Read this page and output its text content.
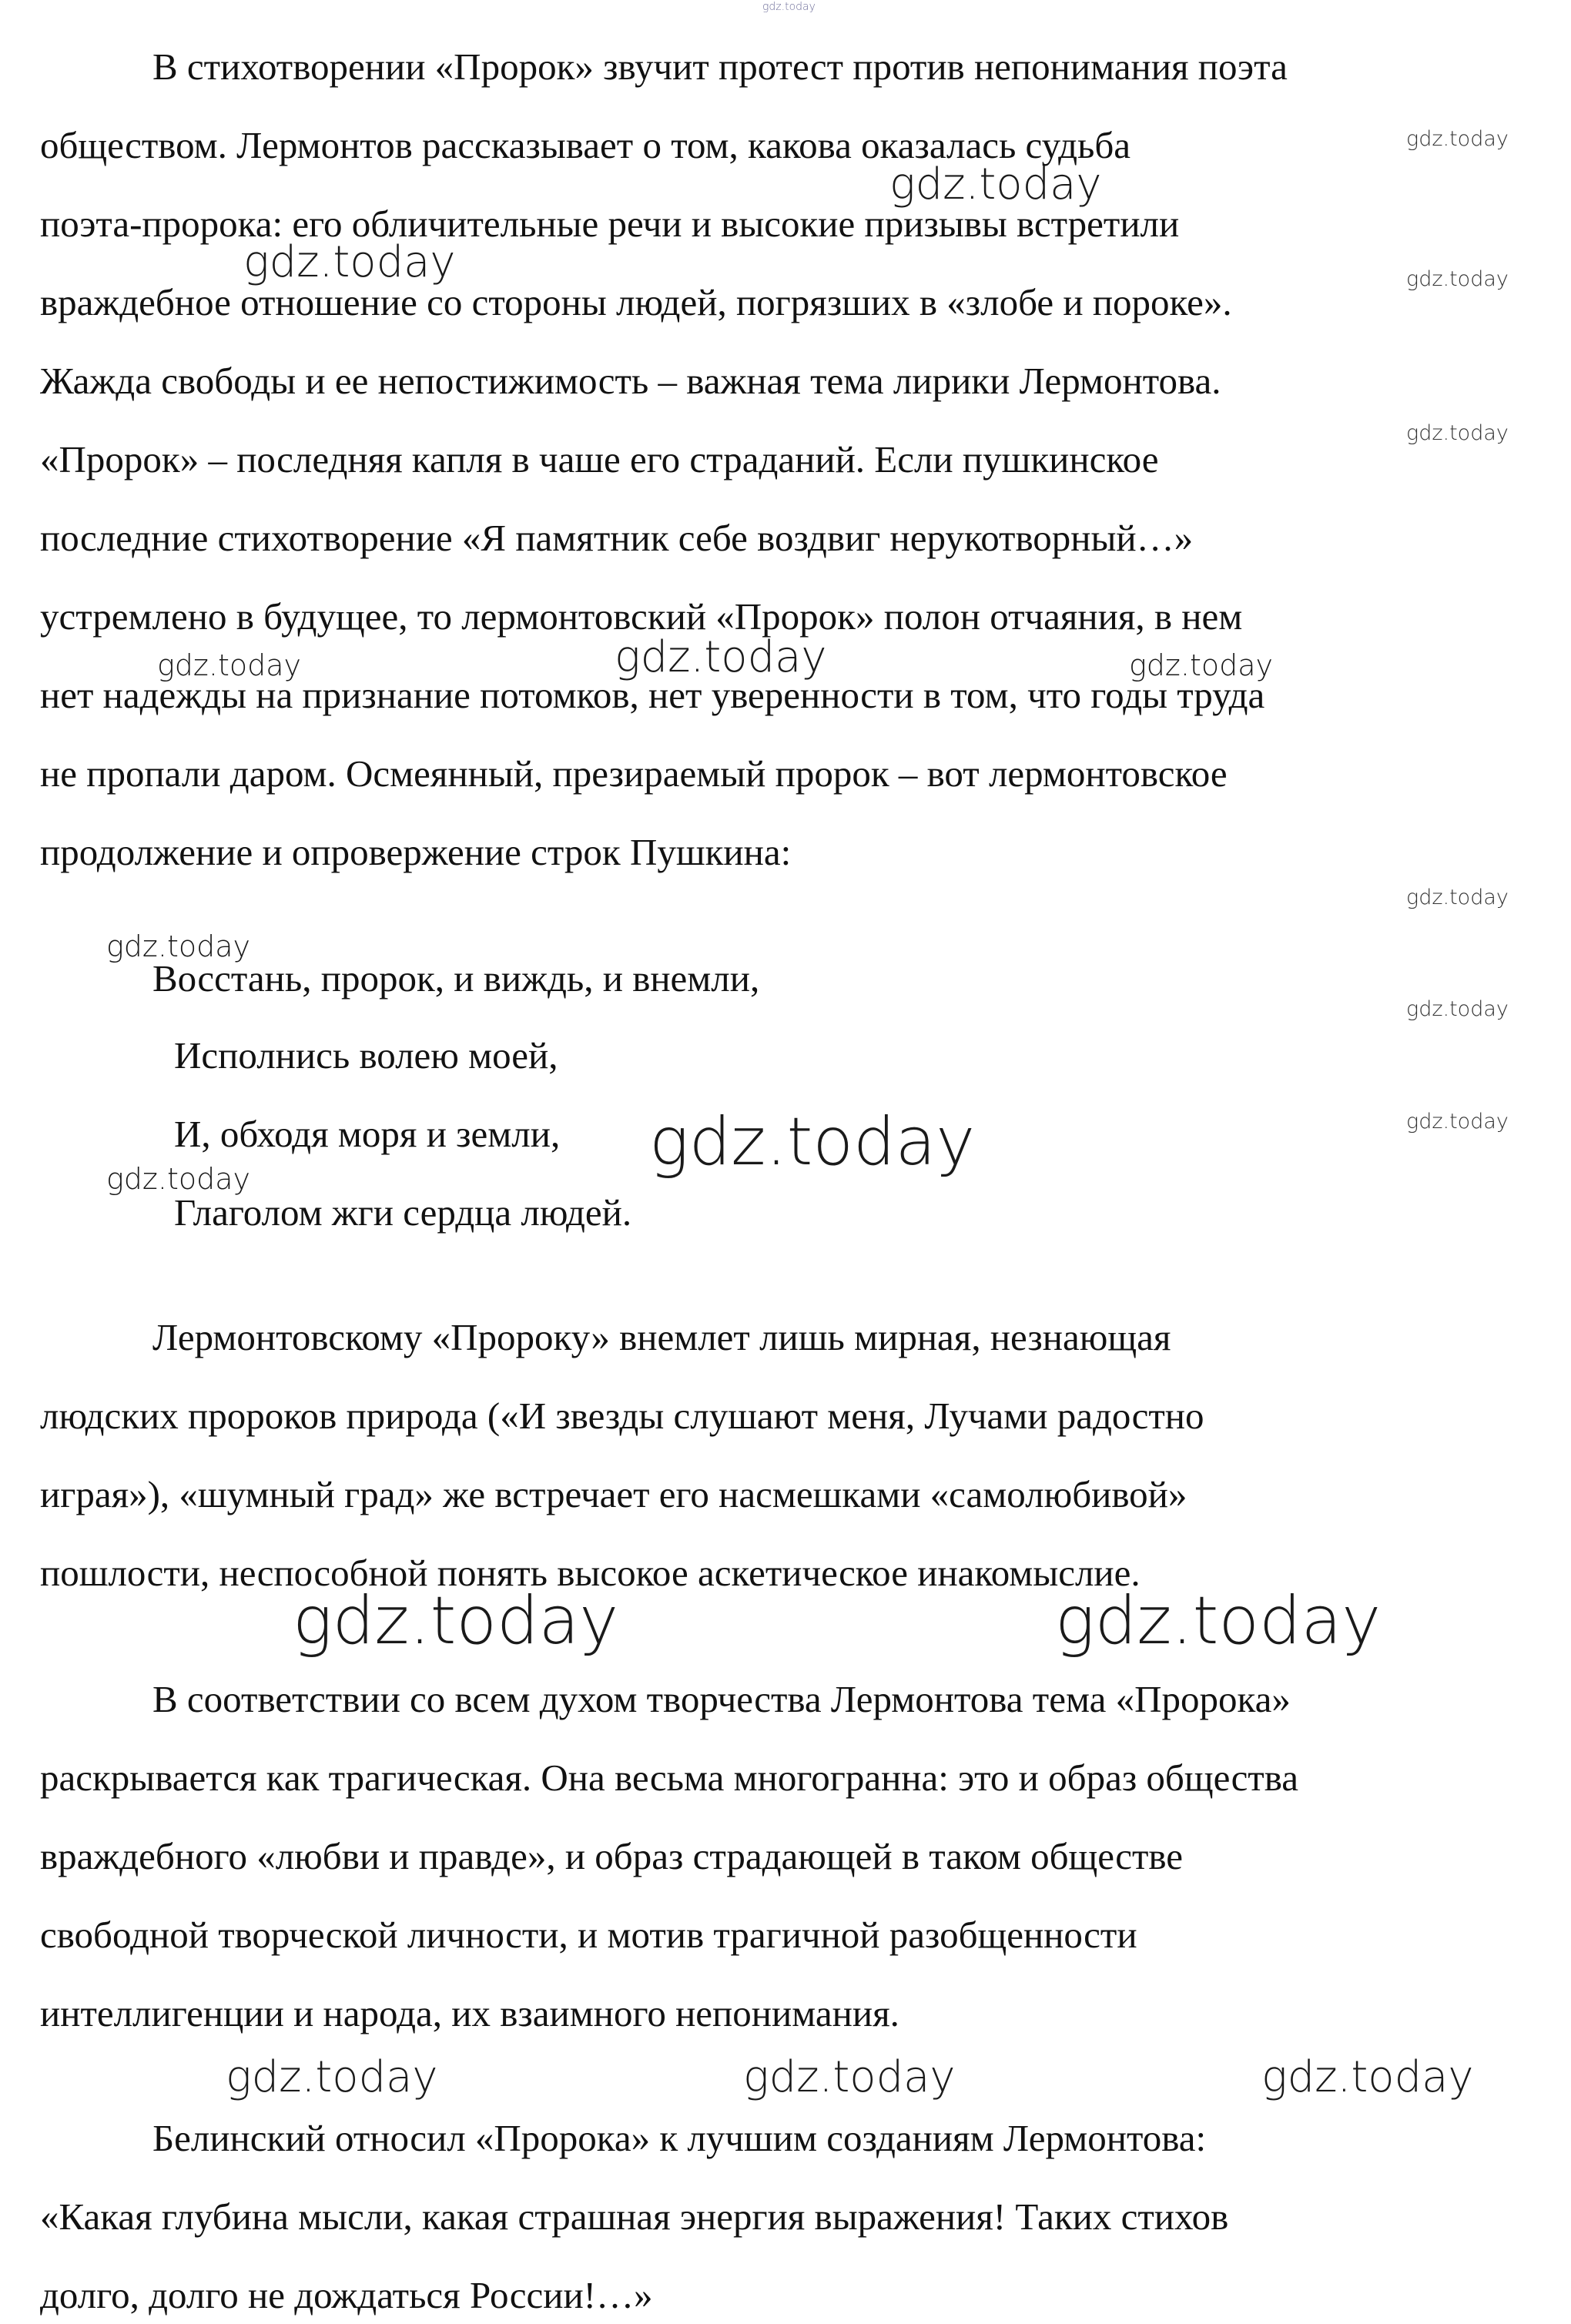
В стихотворении «Пророк» звучит протест против непонимания поэта
обществом. Лермонтов рассказывает о том, какова оказалась судьба
поэта-пророка: его обличительные речи и высокие призывы встретили
враждебное отношение со стороны людей, погрязших в «злобе и пороке».
Жажда свободы и ее непостижимость – важная тема лирики Лермонтова.
«Пророк» – последняя капля в чаше его страданий. Если пушкинское
последние стихотворение «Я памятник себе воздвиг нерукотворный…»
устремлено в будущее, то лермонтовский «Пророк» полон отчаяния, в нем
нет надежды на признание потомков, нет уверенности в том, что годы труда
не пропали даром. Осмеянный, презираемый пророк – вот лермонтовское
продолжение и опровержение строк Пушкина:
Восстань, пророк, и виждь, и внемли,
Исполнись волею моей,
И, обходя моря и земли,
Глаголом жги сердца людей.
Лермонтовскому «Пророку» внемлет лишь мирная, незнающая
людских пророков природа («И звезды слушают меня, Лучами радостно
играя»), «шумный град» же встречает его насмешками «самолюбивой»
пошлости, неспособной понять высокое аскетическое инакомыслие.
В соответствии со всем духом творчества Лермонтова тема «Пророка»
раскрывается как трагическая. Она весьма многогранна: это и образ общества
враждебного «любви и правде», и образ страдающей в таком обществе
свободной творческой личности, и мотив трагичной разобщенности
интеллигенции и народа, их взаимного непонимания.
Белинский относил «Пророка» к лучшим созданиям Лермонтова:
«Какая глубина мысли, какая страшная энергия выражения! Таких стихов
долго, долго не дождаться России!…»
gdz.today
gdz.today
gdz.today
gdz.today	gdz.today
gdz.today
gdz.today	gdz.today	gdz.today
gdz.today
gdz.today
gdz.today
gdz.today
gdz.today
gdz.today
gdz.today	gdz.today
gdz.today	gdz.today	gdz.today
